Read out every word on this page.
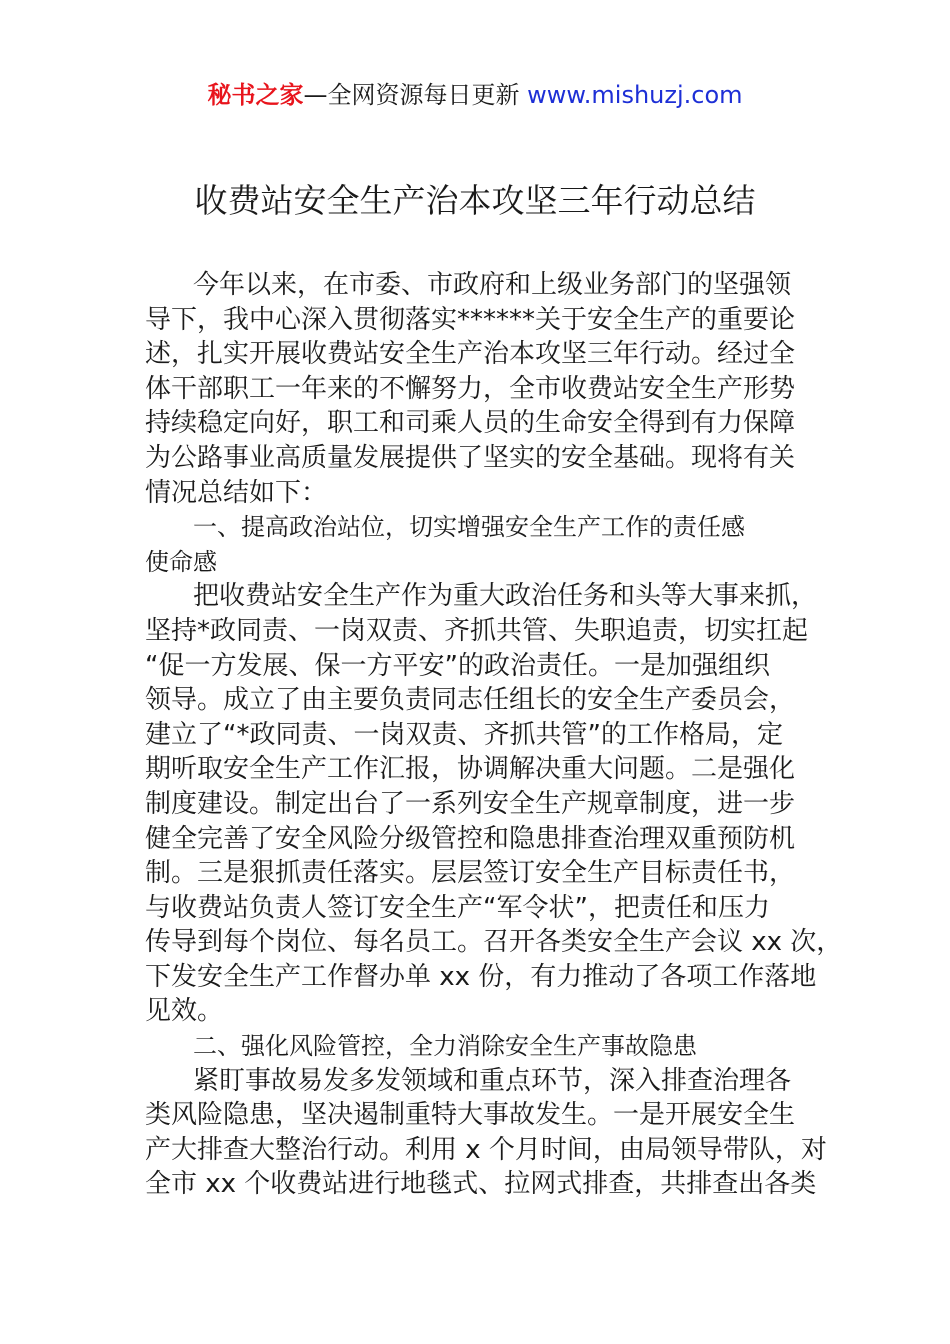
秘书之家—全网资源每日更新 www.mishuzj.com
收费站安全生产治本攻坚三年行动总结
今年以来，在市委、市政府和上级业务部门的坚强领
导下，我中心深入贯彻落实******关于安全生产的重要论
述，扎实开展收费站安全生产治本攻坚三年行动。经过全
体干部职工一年来的不懈努力，全市收费站安全生产形势
持续稳定向好，职工和司乘人员的生命安全得到有力保障
为公路事业高质量发展提供了坚实的安全基础。现将有关
情况总结如下：
一、提高政治站位，切实增强安全生产工作的责任感
使命感
把收费站安全生产作为重大政治任务和头等大事来抓，
坚持*政同责、一岗双责、齐抓共管、失职追责，切实扛起
“促一方发展、保一方平安”的政治责任。一是加强组织
领导。成立了由主要负责同志任组长的安全生产委员会，
建立了“*政同责、一岗双责、齐抓共管”的工作格局，定
期听取安全生产工作汇报，协调解决重大问题。二是强化
制度建设。制定出台了一系列安全生产规章制度，进一步
健全完善了安全风险分级管控和隐患排查治理双重预防机
制。三是狠抓责任落实。层层签订安全生产目标责任书，
与收费站负责人签订安全生产“军令状”，把责任和压力
传导到每个岗位、每名员工。召开各类安全生产会议 xx 次，
下发安全生产工作督办单 xx 份，有力推动了各项工作落地
见效。
二、强化风险管控，全力消除安全生产事故隐患
紧盯事故易发多发领域和重点环节，深入排查治理各
类风险隐患，坚决遏制重特大事故发生。一是开展安全生
产大排查大整治行动。利用 x 个月时间，由局领导带队，对
全市 xx 个收费站进行地毯式、拉网式排查，共排查出各类
